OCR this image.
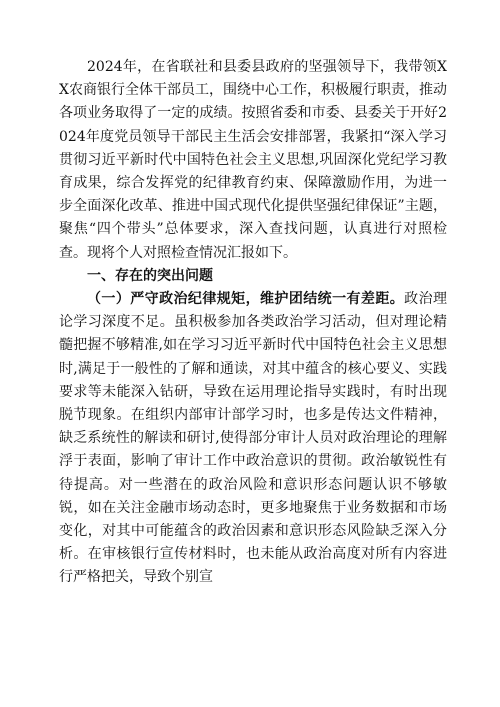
2024年，在省联社和县委县政府的坚强领导下，我带领XX农商银行全体干部员工，围绕中心工作，积极履行职责，推动各项业务取得了一定的成绩。按照省委和市委、县委关于开好2024年度党员领导干部民主生活会安排部署，我紧扣“深入学习贯彻习近平新时代中国特色社会主义思想,巩固深化党纪学习教育成果，综合发挥党的纪律教育约束、保障激励作用，为进一步全面深化改革、推进中国式现代化提供坚强纪律保证”主题，聚焦“四个带头”总体要求，深入查找问题，认真进行对照检查。现将个人对照检查情况汇报如下。

一、存在的突出问题

（一）严守政治纪律规矩，维护团结统一有差距。政治理论学习深度不足。虽积极参加各类政治学习活动，但对理论精髓把握不够精准,如在学习习近平新时代中国特色社会主义思想时,满足于一般性的了解和通读，对其中蕴含的核心要义、实践要求等未能深入钻研，导致在运用理论指导实践时，有时出现脱节现象。在组织内部审计部学习时，也多是传达文件精神，缺乏系统性的解读和研讨,使得部分审计人员对政治理论的理解浮于表面，影响了审计工作中政治意识的贯彻。政治敏锐性有待提高。对一些潜在的政治风险和意识形态问题认识不够敏锐，如在关注金融市场动态时，更多地聚焦于业务数据和市场变化，对其中可能蕴含的政治因素和意识形态风险缺乏深入分析。在审核银行宣传材料时，也未能从政治高度对所有内容进行严格把关，导致个别宣
